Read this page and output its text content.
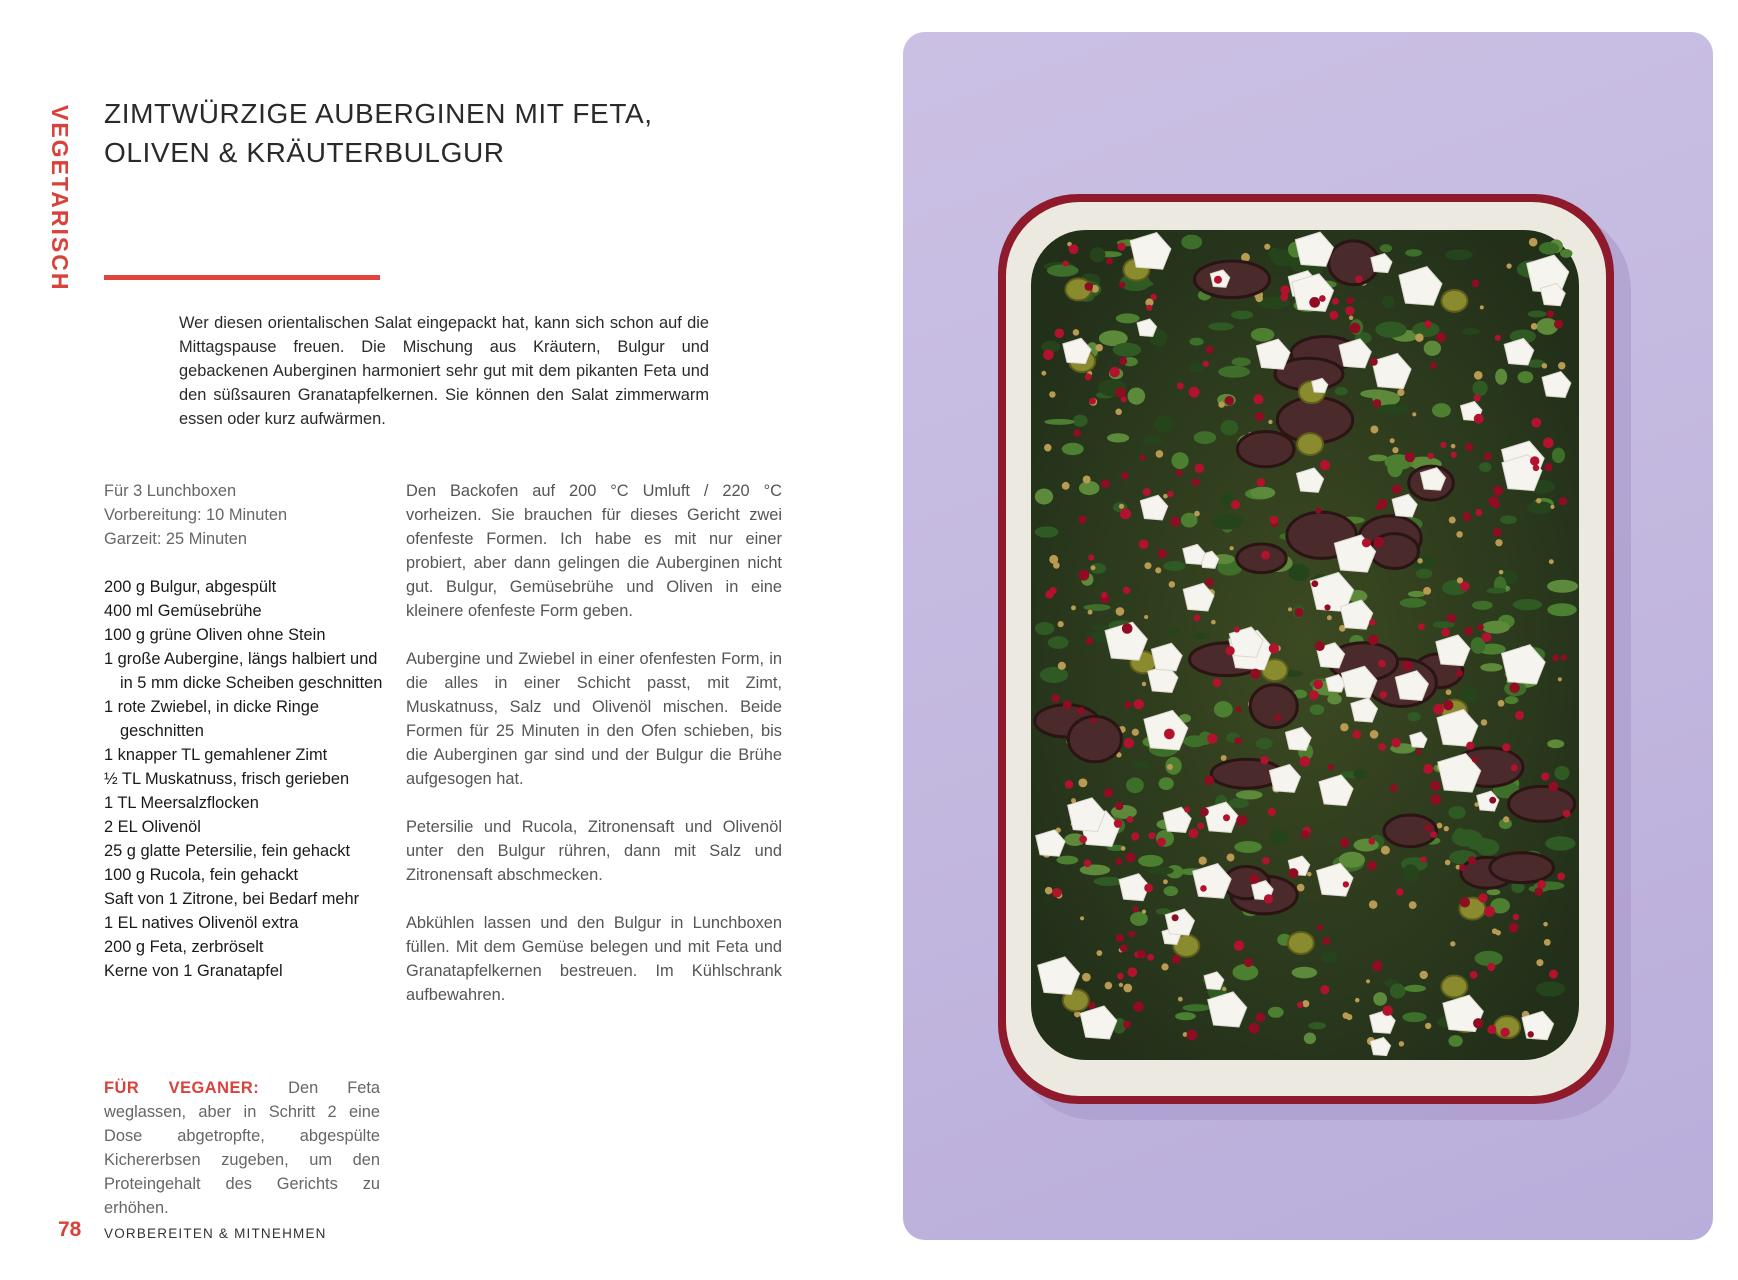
VEGETARISCH ZIMTWÜRZIGE AUBERGINEN MIT FETA,
OLIVEN & KRÄUTERBULGUR

Wer diesen orientalischen Salat eingepackt hat, kann sich schon auf die Mittagspause freuen. Die Mischung aus Kräutern, Bulgur und gebackenen Auberginen harmoniert sehr gut mit dem pikanten Feta und den süßsauren Granatapfelkernen. Sie können den Salat zimmerwarm essen oder kurz aufwärmen.

Für 3 Lunchboxen
Vorbereitung: 10 Minuten
Garzeit: 25 Minuten
200 g Bulgur, abgespült
400 ml Gemüsebrühe
100 g grüne Oliven ohne Stein
1 große Aubergine, längs halbiert und in 5 mm dicke Scheiben geschnitten
1 rote Zwiebel, in dicke Ringe geschnitten
1 knapper TL gemahlener Zimt
½ TL Muskatnuss, frisch gerieben
1 TL Meersalzflocken
2 EL Olivenöl
25 g glatte Petersilie, fein gehackt
100 g Rucola, fein gehackt
Saft von 1 Zitrone, bei Bedarf mehr
1 EL natives Olivenöl extra
200 g Feta, zerbröselt
Kerne von 1 Granatapfel

FÜR VEGANER: Den Feta weglassen, aber in Schritt 2 eine Dose abgetropfte, abgespülte Kichererbsen zugeben, um den Proteingehalt des Gerichts zu erhöhen.

Den Backofen auf 200 °C Umluft / 220 °C vorheizen. Sie brauchen für dieses Gericht zwei ofenfeste Formen. Ich habe es mit nur einer probiert, aber dann gelingen die Auberginen nicht gut. Bulgur, Gemüsebrühe und Oliven in eine kleinere ofenfeste Form geben.

Aubergine und Zwiebel in einer ofenfesten Form, in die alles in einer Schicht passt, mit Zimt, Muskatnuss, Salz und Olivenöl mischen. Beide Formen für 25 Minuten in den Ofen schieben, bis die Auberginen gar sind und der Bulgur die Brühe aufgesogen hat.

Petersilie und Rucola, Zitronensaft und Olivenöl unter den Bulgur rühren, dann mit Salz und Zitronensaft abschmecken.

Abkühlen lassen und den Bulgur in Lunchboxen füllen. Mit dem Gemüse belegen und mit Feta und Granatapfelkernen bestreuen. Im Kühlschrank aufbewahren.

78 VORBEREITEN & MITNEHMEN
